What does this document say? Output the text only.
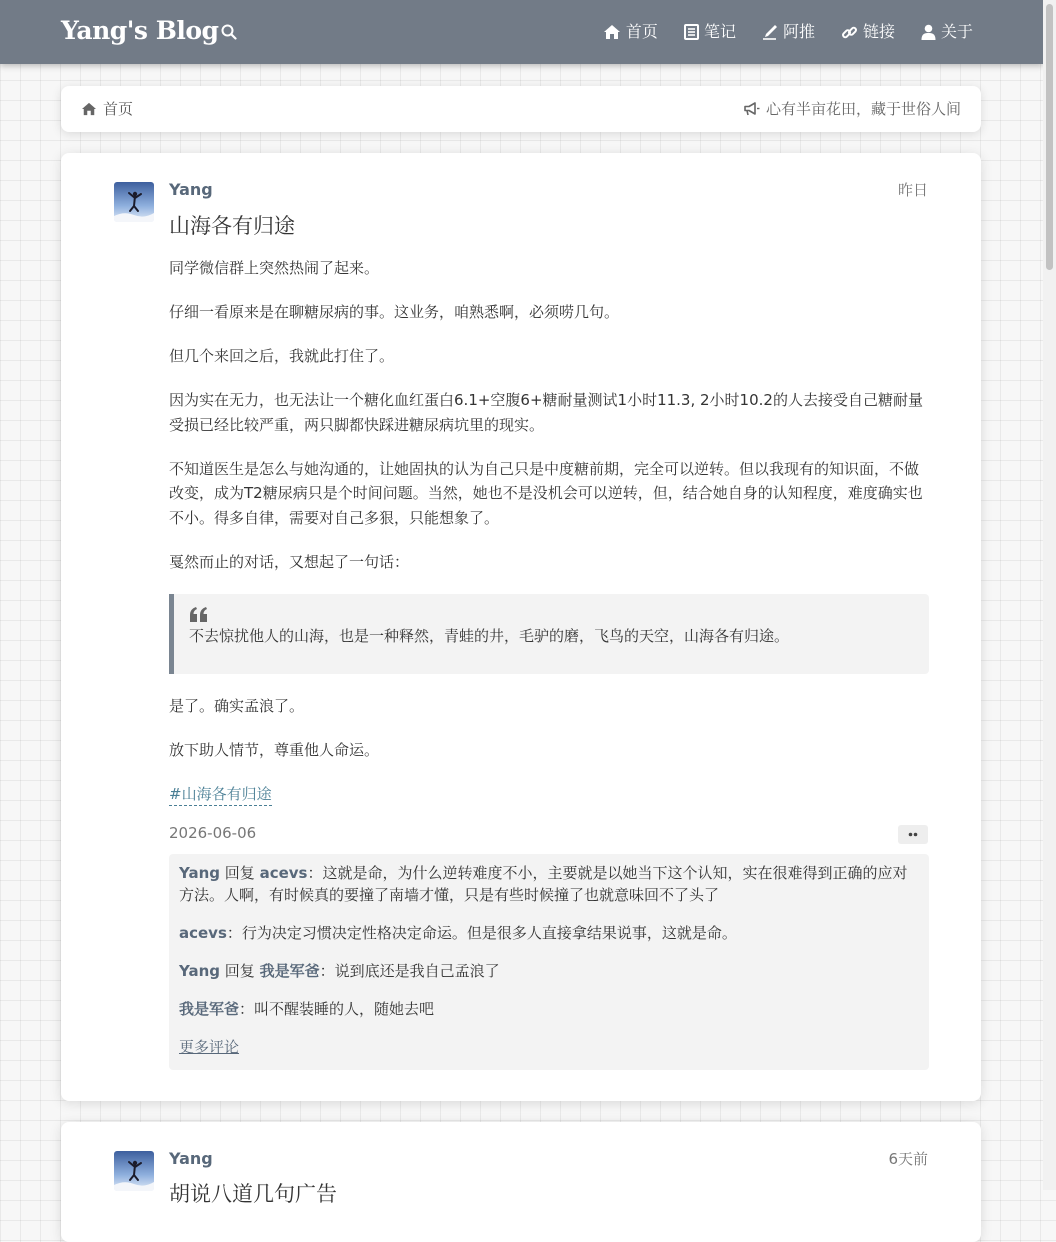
Yang's Blog	首页	笔记	阿推	链接	关于
首页	心有半亩花田，藏于世俗人间
Yang	昨日
山海各有归途

同学微信群上突然热闹了起来。

仔细一看原来是在聊糖尿病的事。这业务，咱熟悉啊，必须唠几句。

但几个来回之后，我就此打住了。

因为实在无力，也无法让一个糖化血红蛋白6.1+空腹6+糖耐量测试1小时11.3, 2小时10.2的人去接受自己糖耐量受损已经比较严重，两只脚都快踩进糖尿病坑里的现实。

不知道医生是怎么与她沟通的，让她固执的认为自己只是中度糖前期，完全可以逆转。但以我现有的知识面，不做改变，成为T2糖尿病只是个时间问题。当然，她也不是没机会可以逆转，但，结合她自身的认知程度，难度确实也不小。得多自律，需要对自己多狠，只能想象了。

戛然而止的对话，又想起了一句话：

不去惊扰他人的山海，也是一种释然，青蛙的井，毛驴的磨，飞鸟的天空，山海各有归途。

是了。确实孟浪了。

放下助人情节，尊重他人命运。

#山海各有归途
2026-06-06
Yang 回复 acevs：这就是命，为什么逆转难度不小，主要就是以她当下这个认知，实在很难得到正确的应对方法。人啊，有时候真的要撞了南墙才懂，只是有些时候撞了也就意味回不了头了
acevs：行为决定习惯决定性格决定命运。但是很多人直接拿结果说事，这就是命。
Yang 回复 我是军爸：说到底还是我自己孟浪了
我是军爸：叫不醒装睡的人，随她去吧
更多评论
Yang	6天前
胡说八道几句广告
